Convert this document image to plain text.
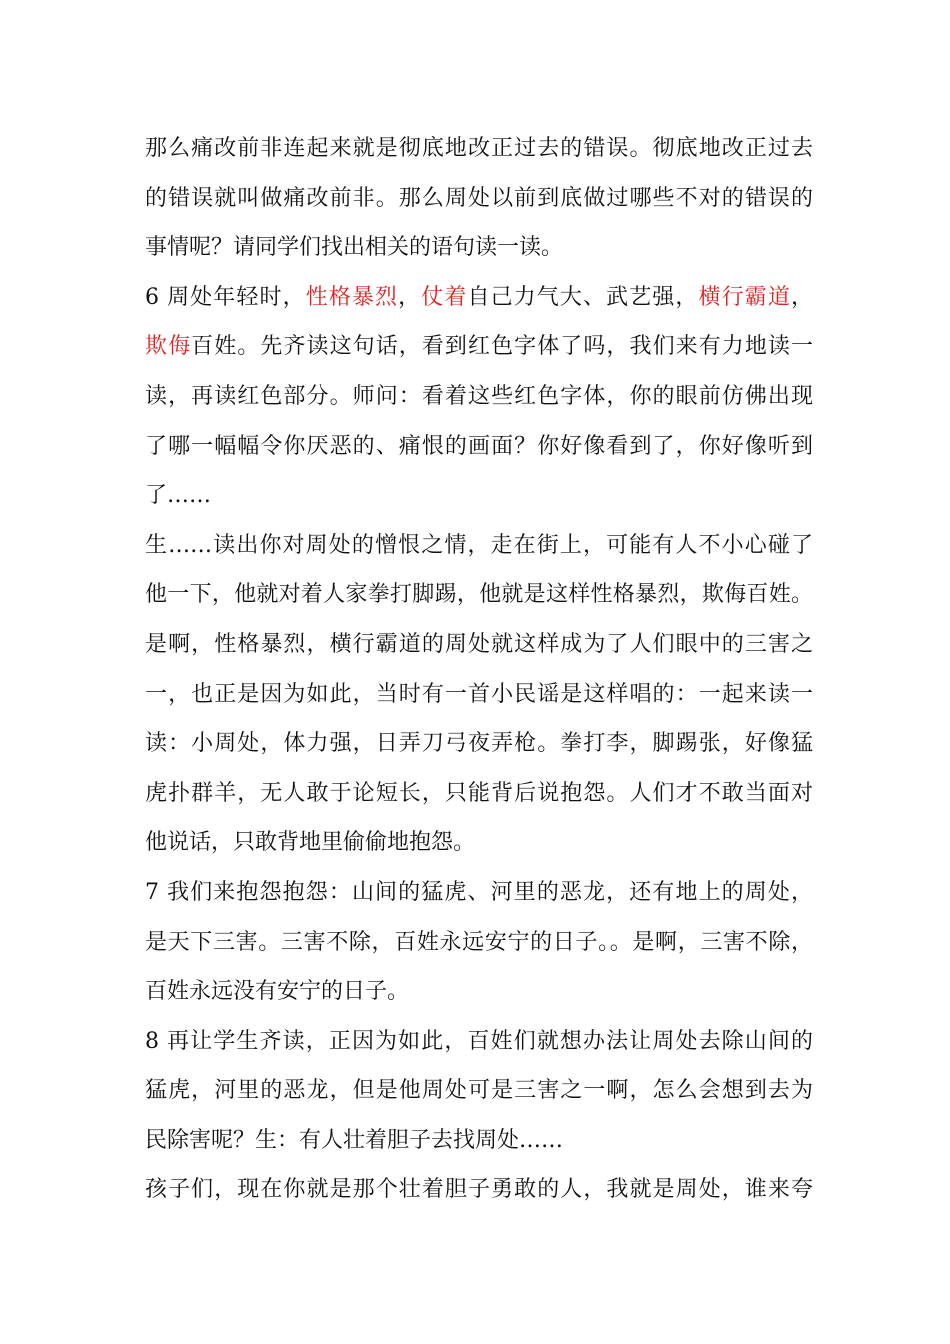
那么痛改前非连起来就是彻底地改正过去的错误。彻底地改正过去
的错误就叫做痛改前非。那么周处以前到底做过哪些不对的错误的
事情呢？请同学们找出相关的语句读一读。
6 周处年轻时，性格暴烈，仗着自己力气大、武艺强，横行霸道，
欺侮百姓。先齐读这句话，看到红色字体了吗，我们来有力地读一
读，再读红色部分。师问：看着这些红色字体，你的眼前仿佛出现
了哪一幅幅令你厌恶的、痛恨的画面？你好像看到了，你好像听到
了……
生……读出你对周处的憎恨之情，走在街上，可能有人不小心碰了
他一下，他就对着人家拳打脚踢，他就是这样性格暴烈，欺侮百姓。
是啊，性格暴烈，横行霸道的周处就这样成为了人们眼中的三害之
一，也正是因为如此，当时有一首小民谣是这样唱的：一起来读一
读：小周处，体力强，日弄刀弓夜弄枪。拳打李，脚踢张，好像猛
虎扑群羊，无人敢于论短长，只能背后说抱怨。人们才不敢当面对
他说话，只敢背地里偷偷地抱怨。
7 我们来抱怨抱怨：山间的猛虎、河里的恶龙，还有地上的周处，
是天下三害。三害不除，百姓永远安宁的日子。。是啊，三害不除，
百姓永远没有安宁的日子。
8 再让学生齐读，正因为如此，百姓们就想办法让周处去除山间的
猛虎，河里的恶龙，但是他周处可是三害之一啊，怎么会想到去为
民除害呢？生：有人壮着胆子去找周处……
孩子们，现在你就是那个壮着胆子勇敢的人，我就是周处，谁来夸
